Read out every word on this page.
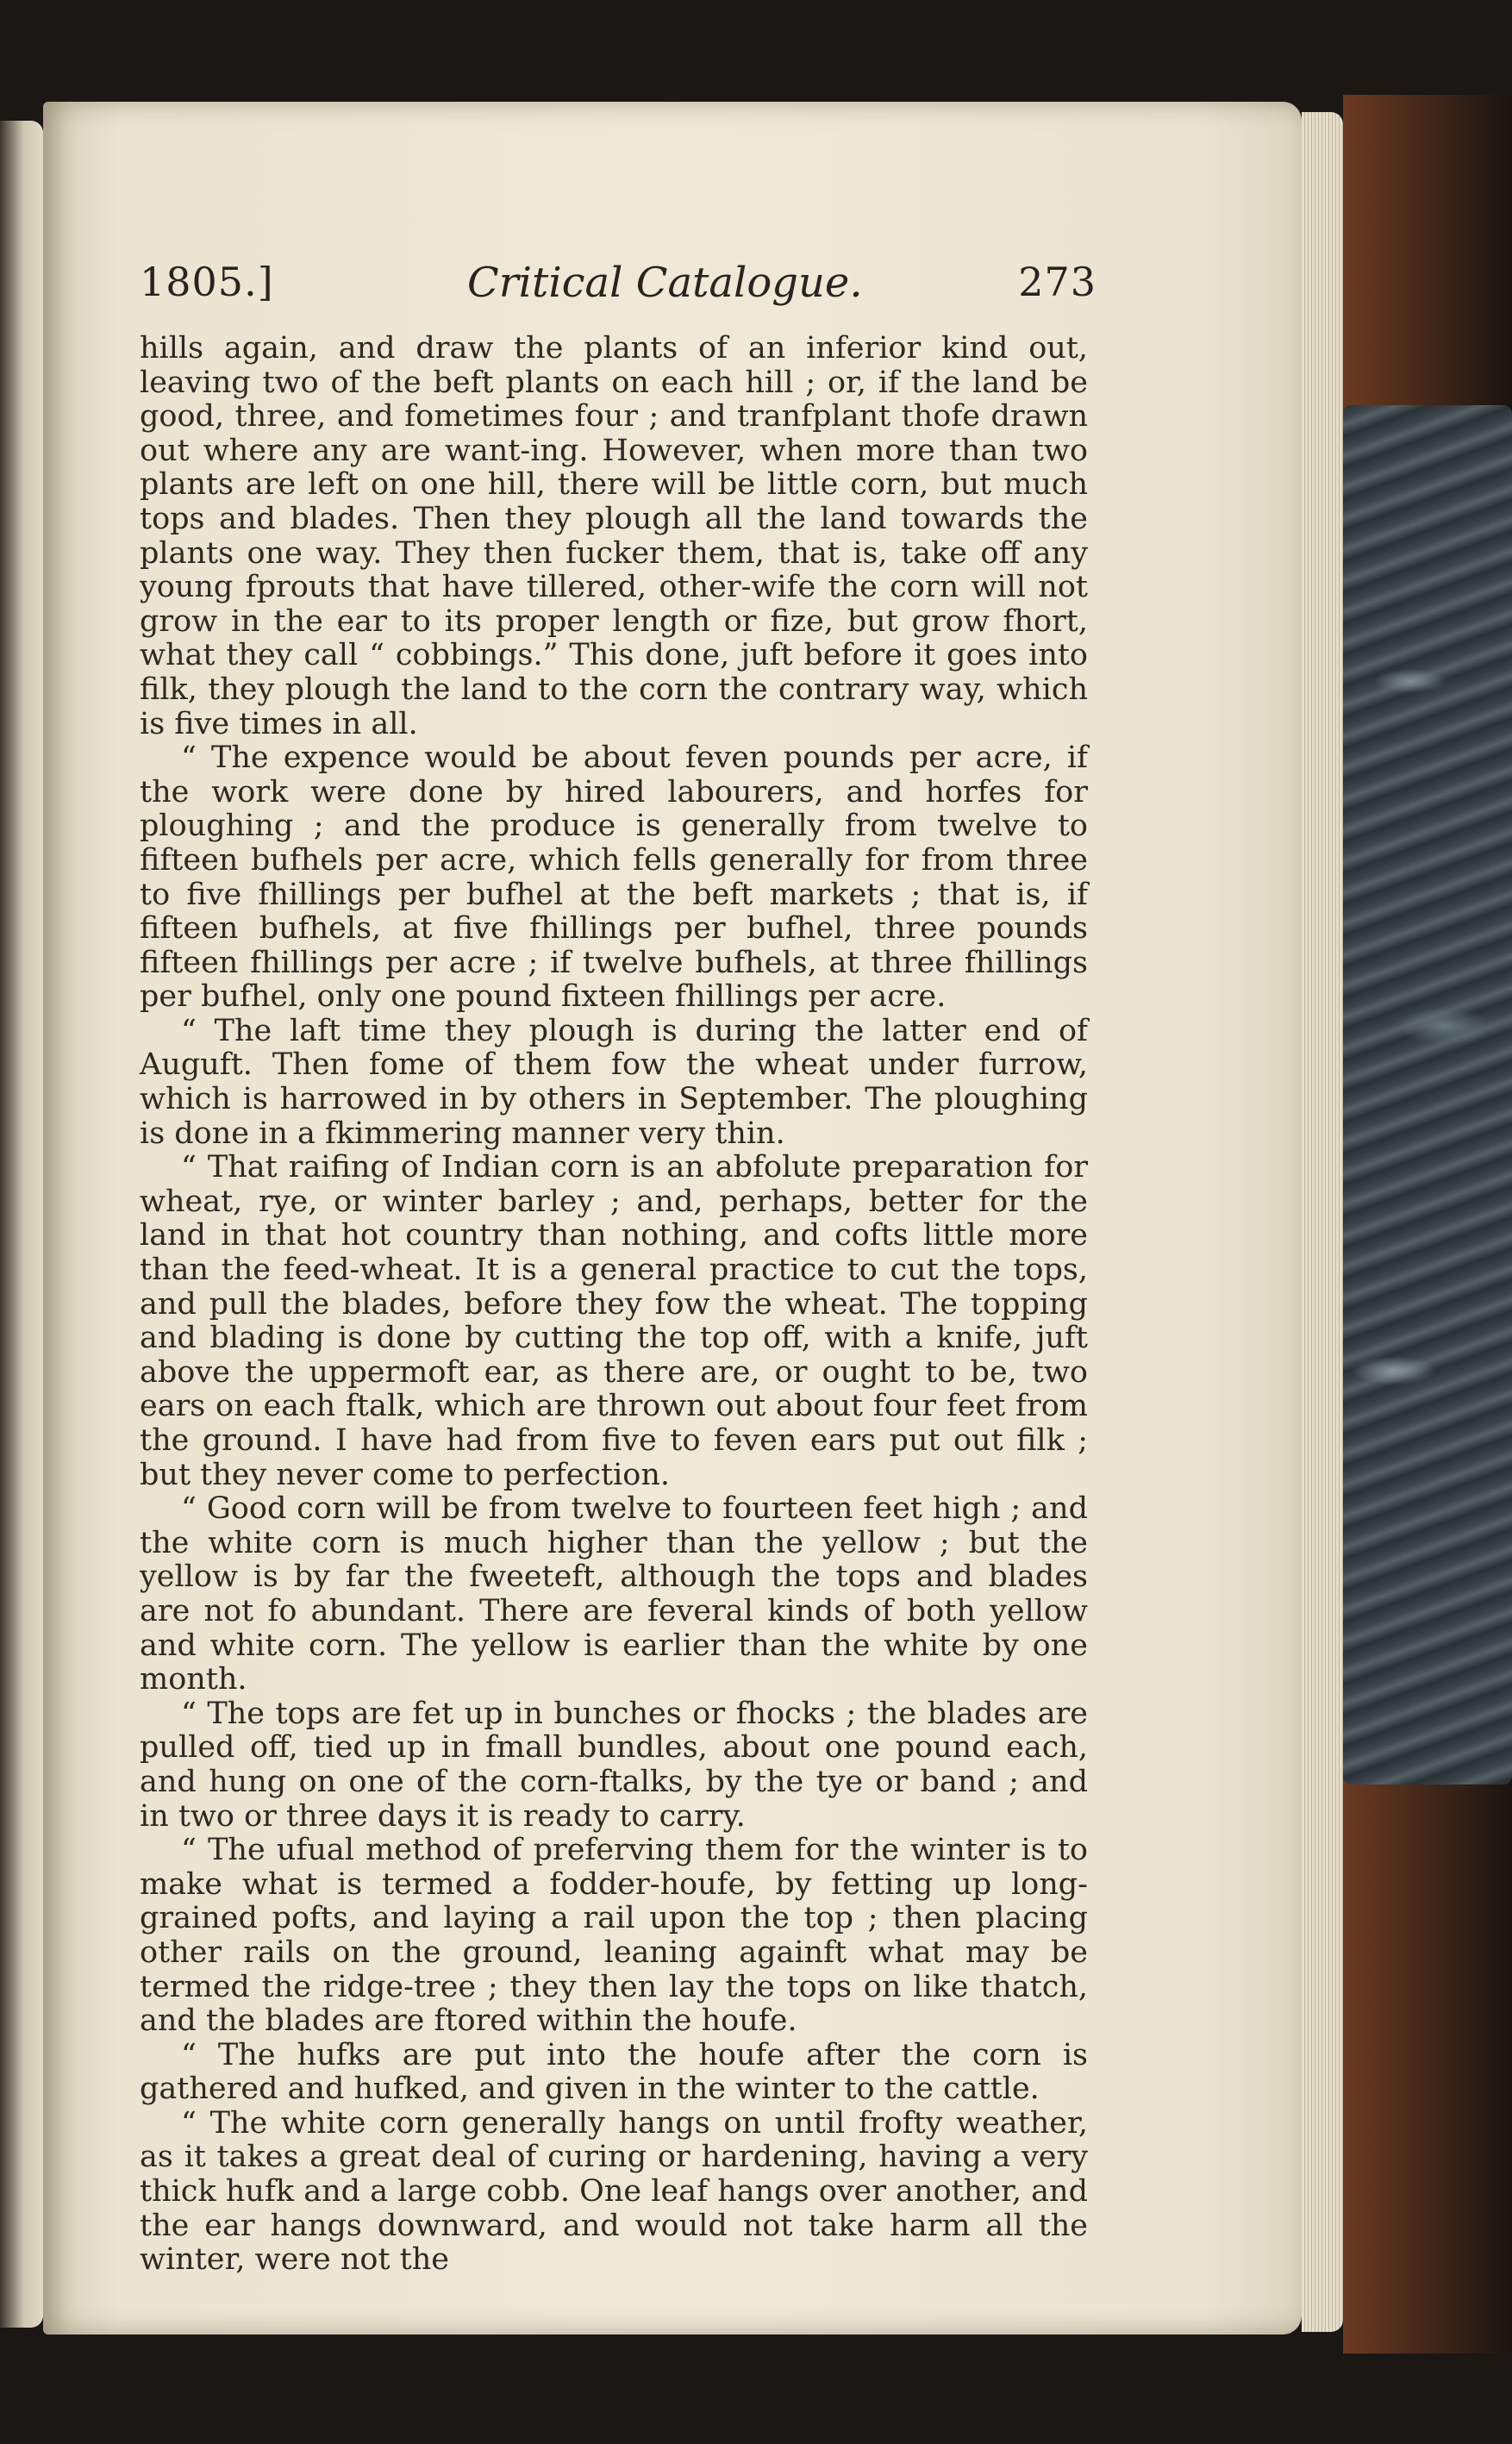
1805.]	Critical Catalogue.	273

hills again, and draw the plants of an inferior kind out, leaving two of the beft plants on each hill ; or, if the land be good, three, and fometimes four ; and tranfplant thofe drawn out where any are want-ing. However, when more than two plants are left on one hill, there will be little corn, but much tops and blades. Then they plough all the land towards the plants one way. They then fucker them, that is, take off any young fprouts that have tillered, other-wife the corn will not grow in the ear to its proper length or fize, but grow fhort, what they call “ cobbings.” This done, juft before it goes into filk, they plough the land to the corn the contrary way, which is five times in all.

“ The expence would be about feven pounds per acre, if the work were done by hired labourers, and horfes for ploughing ; and the produce is generally from twelve to fifteen bufhels per acre, which fells generally for from three to five fhillings per bufhel at the beft markets ; that is, if fifteen bufhels, at five fhillings per bufhel, three pounds fifteen fhillings per acre ; if twelve bufhels, at three fhillings per bufhel, only one pound fixteen fhillings per acre.

“ The laft time they plough is during the latter end of Auguft. Then fome of them fow the wheat under furrow, which is harrowed in by others in September. The ploughing is done in a fkimmering manner very thin.

“ That raifing of Indian corn is an abfolute preparation for wheat, rye, or winter barley ; and, perhaps, better for the land in that hot country than nothing, and cofts little more than the feed-wheat. It is a general practice to cut the tops, and pull the blades, before they fow the wheat. The topping and blading is done by cutting the top off, with a knife, juft above the uppermoft ear, as there are, or ought to be, two ears on each ftalk, which are thrown out about four feet from the ground. I have had from five to feven ears put out filk ; but they never come to perfection.

“ Good corn will be from twelve to fourteen feet high ; and the white corn is much higher than the yellow ; but the yellow is by far the fweeteft, although the tops and blades are not fo abundant. There are feveral kinds of both yellow and white corn. The yellow is earlier than the white by one month.

“ The tops are fet up in bunches or fhocks ; the blades are pulled off, tied up in fmall bundles, about one pound each, and hung on one of the corn-ftalks, by the tye or band ; and in two or three days it is ready to carry.

“ The ufual method of preferving them for the winter is to make what is termed a fodder-houfe, by fetting up long-grained pofts, and laying a rail upon the top ; then placing other rails on the ground, leaning againft what may be termed the ridge-tree ; they then lay the tops on like thatch, and the blades are ftored within the houfe.

“ The hufks are put into the houfe after the corn is gathered and hufked, and given in the winter to the cattle.

“ The white corn generally hangs on until frofty weather, as it takes a great deal of curing or hardening, having a very thick hufk and a large cobb. One leaf hangs over another, and the ear hangs downward, and would not take harm all the winter, were not the
